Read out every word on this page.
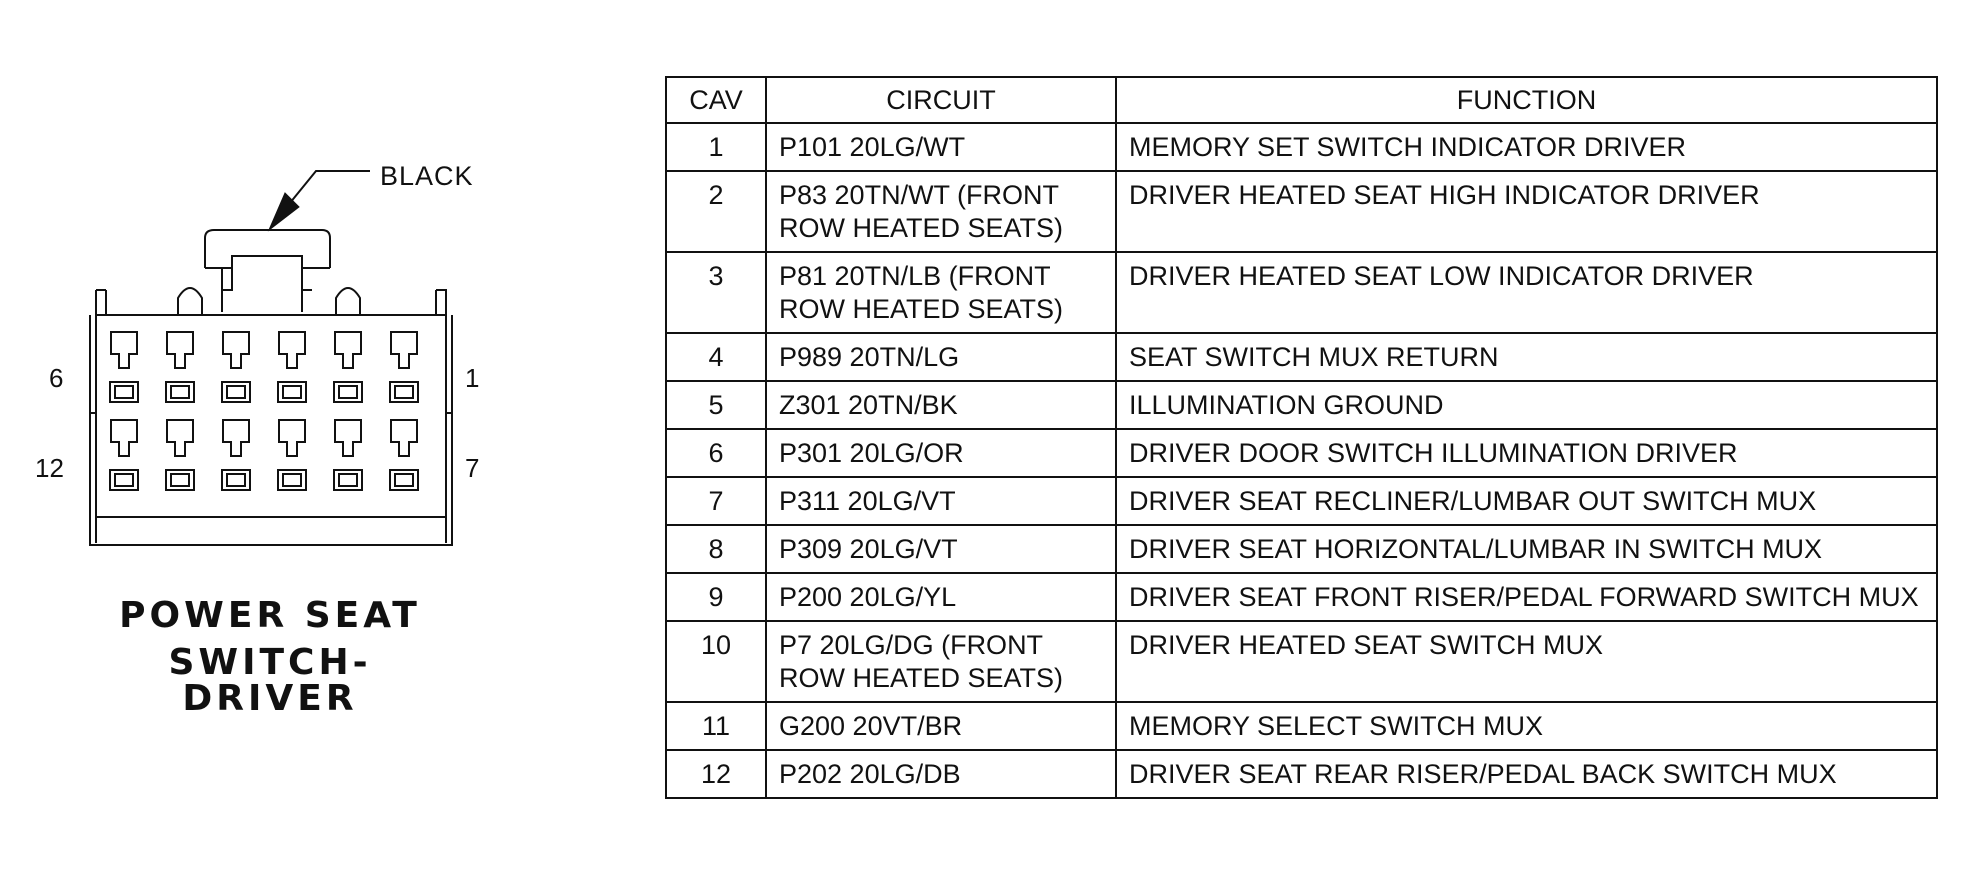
BLACK
6	1
12	7
POWER SEAT
SWITCH-DRIVER
CAV	CIRCUIT	FUNCTION
1	P101 20LG/WT	MEMORY SET SWITCH INDICATOR DRIVER
2	P83 20TN/WT (FRONT ROW HEATED SEATS)	DRIVER HEATED SEAT HIGH INDICATOR DRIVER
3	P81 20TN/LB (FRONT ROW HEATED SEATS)	DRIVER HEATED SEAT LOW INDICATOR DRIVER
4	P989 20TN/LG	SEAT SWITCH MUX RETURN
5	Z301 20TN/BK	ILLUMINATION GROUND
6	P301 20LG/OR	DRIVER DOOR SWITCH ILLUMINATION DRIVER
7	P311 20LG/VT	DRIVER SEAT RECLINER/LUMBAR OUT SWITCH MUX
8	P309 20LG/VT	DRIVER SEAT HORIZONTAL/LUMBAR IN SWITCH MUX
9	P200 20LG/YL	DRIVER SEAT FRONT RISER/PEDAL FORWARD SWITCH MUX
10	P7 20LG/DG (FRONT ROW HEATED SEATS)	DRIVER HEATED SEAT SWITCH MUX
11	G200 20VT/BR	MEMORY SELECT SWITCH MUX
12	P202 20LG/DB	DRIVER SEAT REAR RISER/PEDAL BACK SWITCH MUX
